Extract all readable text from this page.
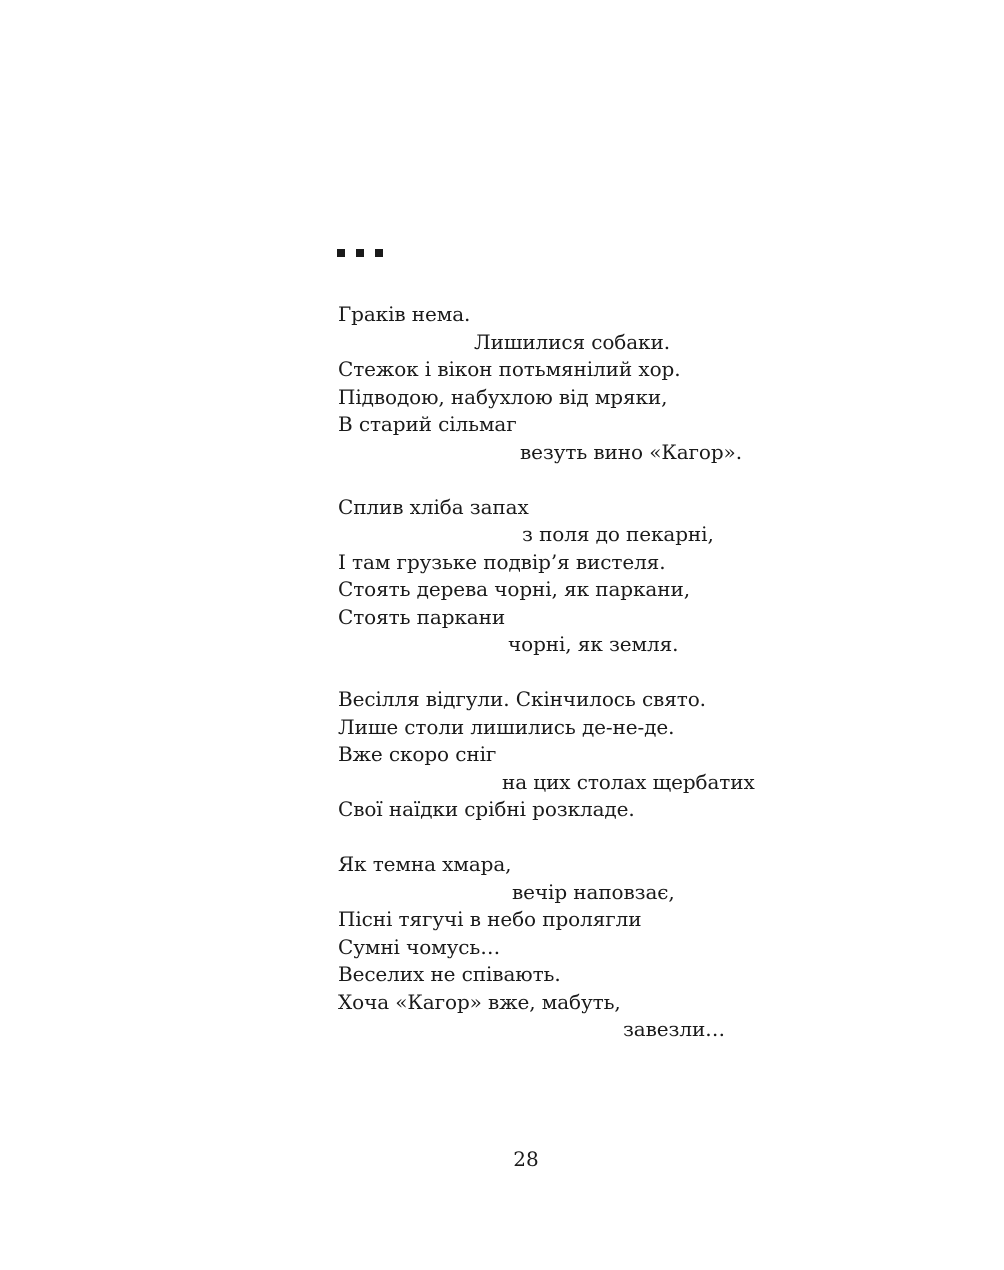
Граків нема.
Лишилися собаки.
Стежок і вікон потьмянілий хор.
Підводою, набухлою від мряки,
В старий сільмаг
везуть вино «Кагор».
Сплив хліба запах
з поля до пекарні,
І там грузьке подвір’я вистеля.
Стоять дерева чорні, як паркани,
Стоять паркани
чорні, як земля.
Весілля відгули. Скінчилось свято.
Лише столи лишились де-не-де.
Вже скоро сніг
на цих столах щербатих
Свої наїдки срібні розкладе.
Як темна хмара,
вечір наповзає,
Пісні тягучі в небо пролягли
Сумні чомусь…
Веселих не співають.
Хоча «Кагор» вже, мабуть,
завезли…
28
